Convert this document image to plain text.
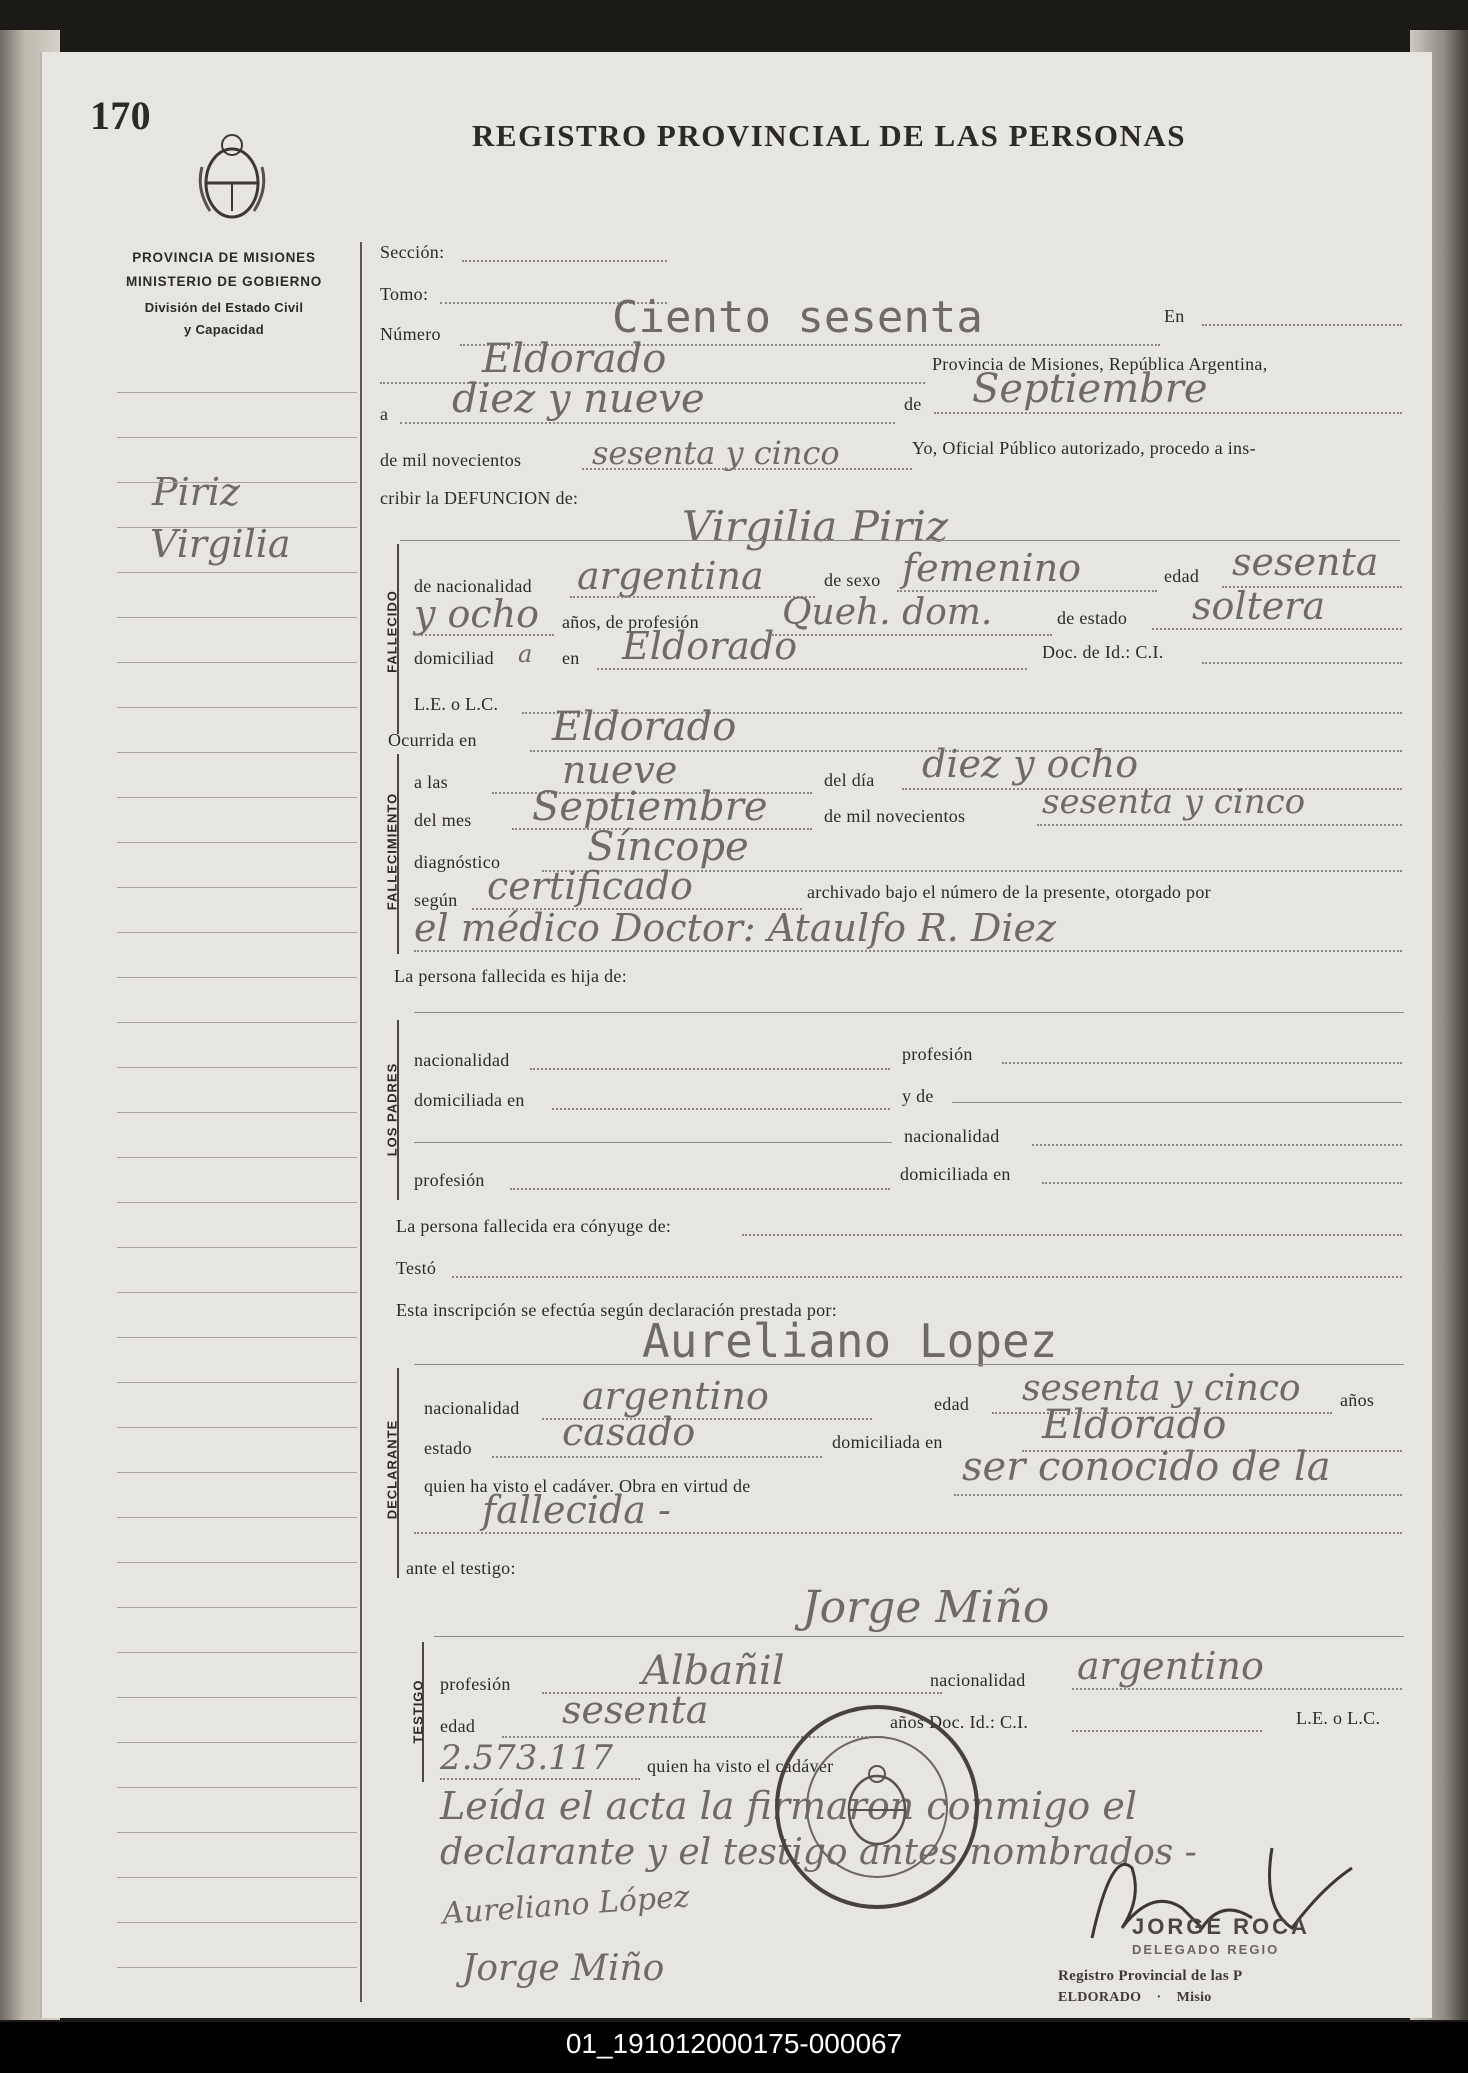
170	REGISTRO PROVINCIAL DE LAS PERSONAS
PROVINCIA DE MISIONES
MINISTERIO DE GOBIERNO
División del Estado Civil
y Capacidad
Piriz
Virgilia
Sección:
Tomo:
Número	Ciento sesenta	En
Eldorado	Provincia de Misiones, República Argentina,
a diez y nueve	de Septiembre
de mil novecientos sesenta y cinco	Yo, Oficial Público autorizado, procedo a ins-
cribir la DEFUNCION de:
Virgilia Piriz
FALLECIDO
de nacionalidad argentina	de sexo femenino	edad sesenta
y ocho años, de profesión Queh. dom.	de estado soltera
domiciliad a en Eldorado	Doc. de Id.: C.I.
L.E. o L.C.
Ocurrida en Eldorado
FALLECIMIENTO
a las	nueve	del día diez y ocho
del mes Septiembre	de mil novecientos sesenta y cinco
diagnóstico Síncope
según certificado	archivado bajo el número de la presente, otorgado por
el médico Doctor: Ataulfo R. Diez
La persona fallecida es hija de:
LOS PADRES
nacionalidad	profesión
domiciliada en	y de
nacionalidad
profesión	domiciliada en
La persona fallecida era cónyuge de:
Testó
Esta inscripción se efectúa según declaración prestada por:
Aureliano Lopez
DECLARANTE
nacionalidad argentino	edad sesenta y cinco años
estado casado	domiciliada en Eldorado
quien ha visto el cadáver. Obra en virtud de	ser conocido de la
fallecida -
ante el testigo:
Jorge Miño
TESTIGO profesión	Albañil	nacionalidad argentino
edad sesenta	años Doc. Id.: C.I.	L.E. o L.C.
2.573.117 quien ha visto el cadáver
Leída el acta la firmaron conmigo el
declarante y el testigo antes nombrados -
Aureliano López
Jorge Miño
JORGE ROCA
DELEGADO REGIO
Registro Provincial de las P
ELDORADO    ·    Misio
01_191012000175-000067
